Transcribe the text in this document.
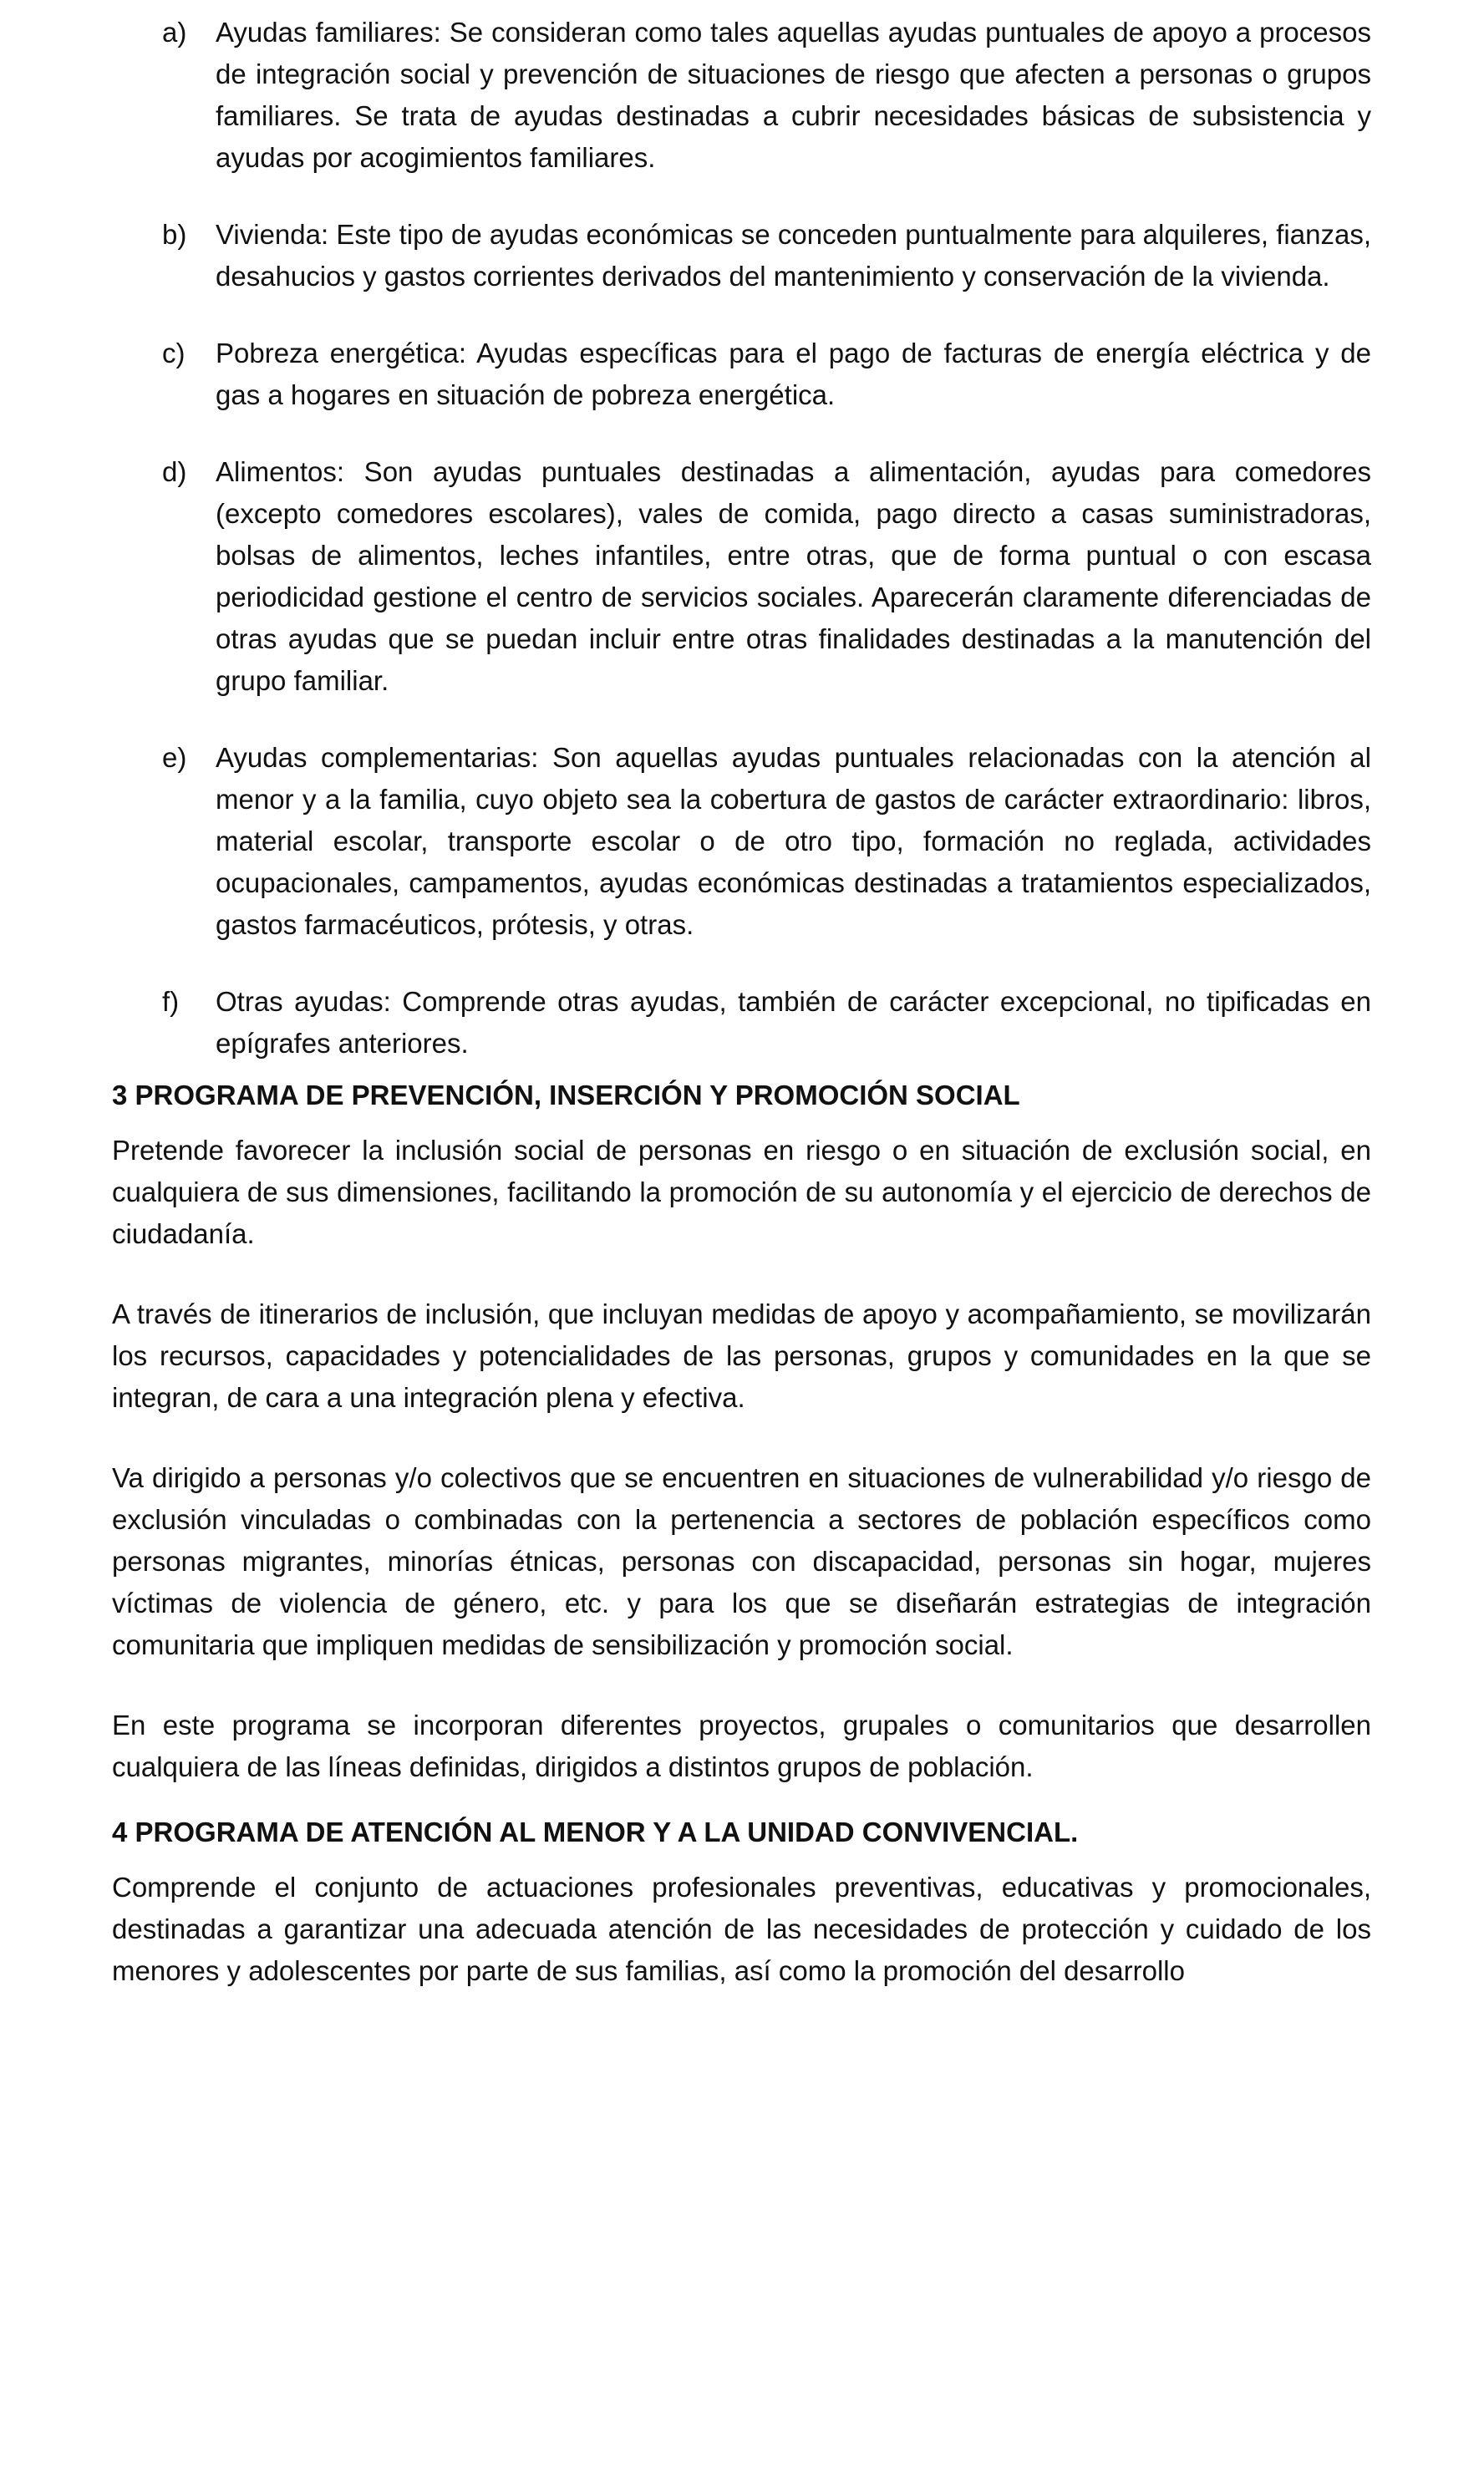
a)	Ayudas familiares: Se consideran como tales aquellas ayudas puntuales de apoyo a procesos de integración social y prevención de situaciones de riesgo que afecten a personas o grupos familiares. Se trata de ayudas destinadas a cubrir necesidades básicas de subsistencia y ayudas por acogimientos familiares.

b)	Vivienda: Este tipo de ayudas económicas se conceden puntualmente para alquileres, fianzas, desahucios y gastos corrientes derivados del mantenimiento y conservación de la vivienda.

c)	Pobreza energética: Ayudas específicas para el pago de facturas de energía eléctrica y de gas a hogares en situación de pobreza energética.

d)	Alimentos: Son ayudas puntuales destinadas a alimentación, ayudas para comedores (excepto comedores escolares), vales de comida, pago directo a casas suministradoras, bolsas de alimentos, leches infantiles, entre otras, que de forma puntual o con escasa periodicidad gestione el centro de servicios sociales. Aparecerán claramente diferenciadas de otras ayudas que se puedan incluir entre otras finalidades destinadas a la manutención del grupo familiar.

e)	Ayudas complementarias: Son aquellas ayudas puntuales relacionadas con la atención al menor y a la familia, cuyo objeto sea la cobertura de gastos de carácter extraordinario: libros, material escolar, transporte escolar o de otro tipo, formación no reglada, actividades ocupacionales, campamentos, ayudas económicas destinadas a tratamientos especializados, gastos farmacéuticos, prótesis, y otras.

f)	Otras ayudas: Comprende otras ayudas, también de carácter excepcional, no tipificadas en epígrafes anteriores.

3 PROGRAMA DE PREVENCIÓN, INSERCIÓN Y PROMOCIÓN SOCIAL

Pretende favorecer la inclusión social de personas en riesgo o en situación de exclusión social, en cualquiera de sus dimensiones, facilitando la promoción de su autonomía y el ejercicio de derechos de ciudadanía.

A través de itinerarios de inclusión, que incluyan medidas de apoyo y acompañamiento, se movilizarán los recursos, capacidades y potencialidades de las personas, grupos y comunidades en la que se integran, de cara a una integración plena y efectiva.

Va dirigido a personas y/o colectivos que se encuentren en situaciones de vulnerabilidad y/o riesgo de exclusión vinculadas o combinadas con la pertenencia a sectores de población específicos como personas migrantes, minorías étnicas, personas con discapacidad, personas sin hogar, mujeres víctimas de violencia de género, etc. y para los que se diseñarán estrategias de integración comunitaria que impliquen medidas de sensibilización y promoción social.

En este programa se incorporan diferentes proyectos, grupales o comunitarios que desarrollen cualquiera de las líneas definidas, dirigidos a distintos grupos de población.

4 PROGRAMA DE ATENCIÓN AL MENOR Y A LA UNIDAD CONVIVENCIAL.

Comprende el conjunto de actuaciones profesionales preventivas, educativas y promocionales, destinadas a garantizar una adecuada atención de las necesidades de protección y cuidado de los menores y adolescentes por parte de sus familias, así como la promoción del desarrollo
